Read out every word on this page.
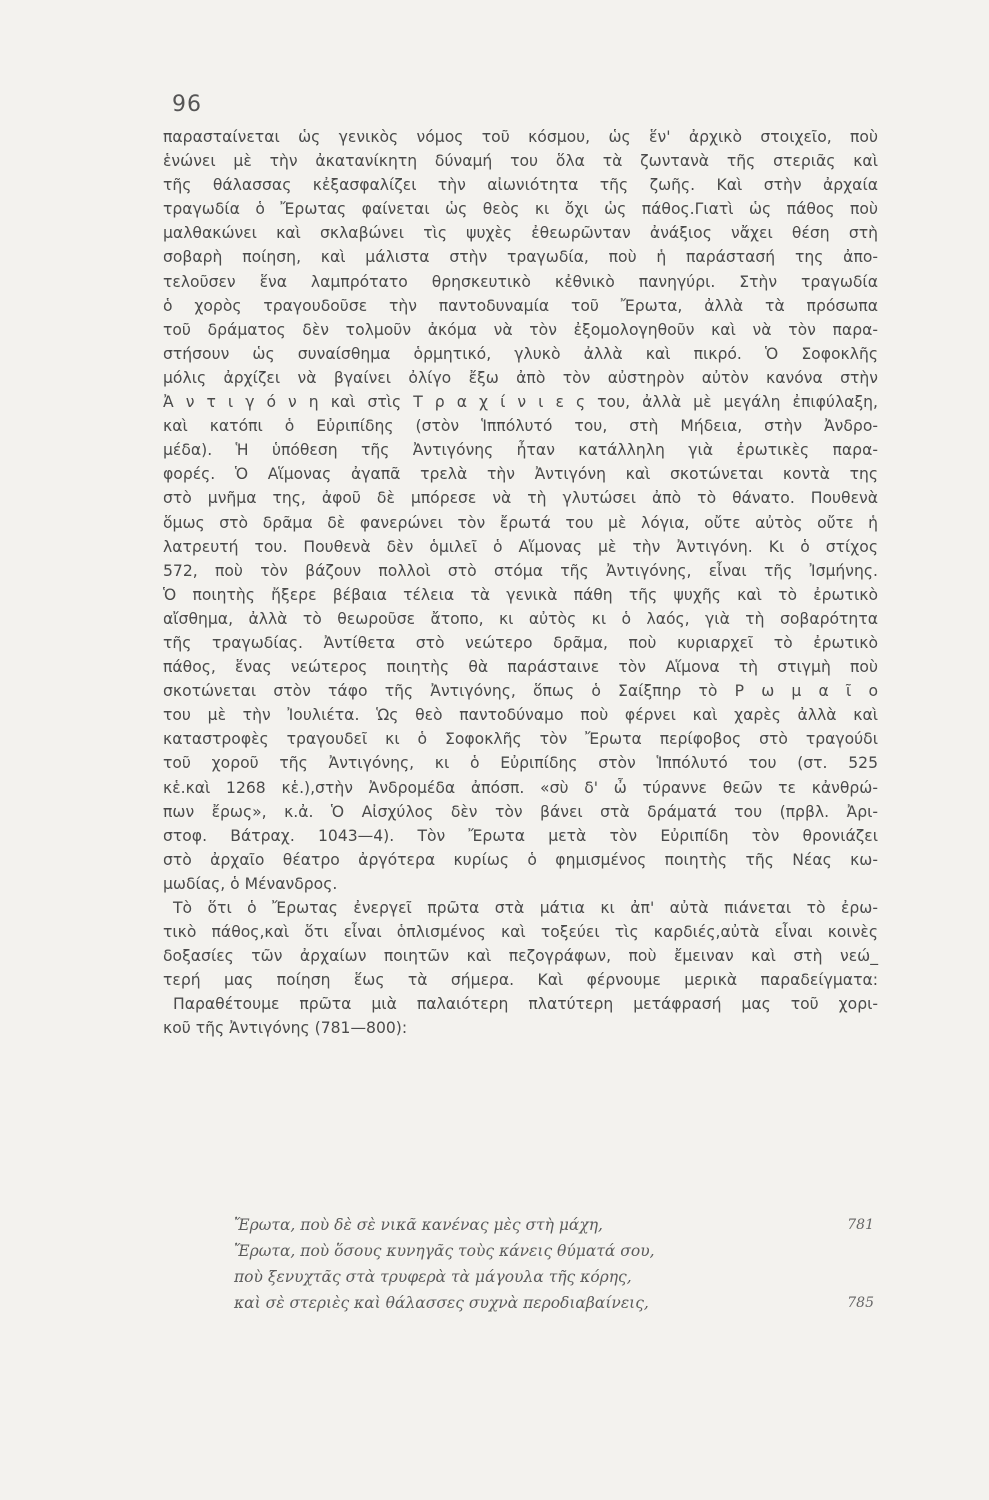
96
παρασταίνεται ὡς γενικὸς νόμος τοῦ κόσμου, ὡς ἕν' ἀρχικὸ στοιχεῖο, ποὺ
ἑνώνει μὲ τὴν ἀκατανίκητη δύναμή του ὅλα τὰ ζωντανὰ τῆς στεριᾶς καὶ
τῆς θάλασσας κἐξασφαλίζει τὴν αἰωνιότητα τῆς ζωῆς. Καὶ στὴν ἀρχαία
τραγωδία ὁ Ἔρωτας φαίνεται ὡς θεὸς κι ὄχι ὡς πάθος.Γιατὶ ὡς πάθος ποὺ
μαλθακώνει καὶ σκλαβώνει τὶς ψυχὲς ἐθεωρῶνταν ἀνάξιος νἄχει θέση στὴ
σοβαρὴ ποίηση, καὶ μάλιστα στὴν τραγωδία, ποὺ ἡ παράστασή της ἀπο-
τελοῦσεν ἕνα λαμπρότατο θρησκευτικὸ κἐθνικὸ πανηγύρι. Στὴν τραγωδία
ὁ χορὸς τραγουδοῦσε τὴν παντοδυναμία τοῦ Ἔρωτα, ἀλλὰ τὰ πρόσωπα
τοῦ δράματος δὲν τολμοῦν ἀκόμα νὰ τὸν ἐξομολογηθοῦν καὶ νὰ τὸν παρα-
στήσουν ὡς συναίσθημα ὁρμητικό, γλυκὸ ἀλλὰ καὶ πικρό. Ὁ Σοφοκλῆς
μόλις ἀρχίζει νὰ βγαίνει ὀλίγο ἔξω ἀπὸ τὸν αὐστηρὸν αὐτὸν κανόνα στὴν
Ἀ ν τ ι γ ό ν η καὶ στὶς Τ ρ α χ ί ν ι ε ς του, ἀλλὰ μὲ μεγάλη ἐπιφύλαξη,
καὶ κατόπι ὁ Εὐριπίδης (στὸν Ἱππόλυτό του, στὴ Μήδεια, στὴν Ἀνδρο-
μέδα). Ἡ ὑπόθεση τῆς Ἀντιγόνης ἦταν κατάλληλη γιὰ ἐρωτικὲς παρα-
φορές. Ὁ Αἵμονας ἀγαπᾶ τρελὰ τὴν Ἀντιγόνη καὶ σκοτώνεται κοντὰ της
στὸ μνῆμα της, ἀφοῦ δὲ μπόρεσε νὰ τὴ γλυτώσει ἀπὸ τὸ θάνατο. Πουθενὰ
ὅμως στὸ δρᾶμα δὲ φανερώνει τὸν ἔρωτά του μὲ λόγια, οὔτε αὐτὸς οὔτε ἡ
λατρευτή του. Πουθενὰ δὲν ὁμιλεῖ ὁ Αἵμονας μὲ τὴν Ἀντιγόνη. Κι ὁ στίχος
572, ποὺ τὸν βάζουν πολλοὶ στὸ στόμα τῆς Ἀντιγόνης, εἶναι τῆς Ἰσμήνης.
Ὁ ποιητὴς ἤξερε βέβαια τέλεια τὰ γενικὰ πάθη τῆς ψυχῆς καὶ τὸ ἐρωτικὸ
αἴσθημα, ἀλλὰ τὸ θεωροῦσε ἄτοπο, κι αὐτὸς κι ὁ λαός, γιὰ τὴ σοβαρότητα
τῆς τραγωδίας. Ἀντίθετα στὸ νεώτερο δρᾶμα, ποὺ κυριαρχεῖ τὸ ἐρωτικὸ
πάθος, ἕνας νεώτερος ποιητὴς θὰ παράσταινε τὸν Αἵμονα τὴ στιγμὴ ποὺ
σκοτώνεται στὸν τάφο τῆς Ἀντιγόνης, ὅπως ὁ Σαίξπηρ τὸ Ρ ω μ α ῖ ο
του μὲ τὴν Ἰουλιέτα. Ὡς θεὸ παντοδύναμο ποὺ φέρνει καὶ χαρὲς ἀλλὰ καὶ
καταστροφὲς τραγουδεῖ κι ὁ Σοφοκλῆς τὸν Ἔρωτα περίφοβος στὸ τραγούδι
τοῦ χοροῦ τῆς Ἀντιγόνης, κι ὁ Εὐριπίδης στὸν Ἱππόλυτό του (στ. 525
κἑ.καὶ 1268 κἑ.),στὴν Ἀνδρομέδα ἀπόσπ. «σὺ δ' ὦ τύραννε θεῶν τε κἀνθρώ-
πων ἔρως», κ.ἀ. Ὁ Αἰσχύλος δὲν τὸν βάνει στὰ δράματά του (πρβλ. Ἀρι-
στοφ. Βάτραχ. 1043—4). Τὸν Ἔρωτα μετὰ τὸν Εὐριπίδη τὸν θρονιάζει
στὸ ἀρχαῖο θέατρο ἀργότερα κυρίως ὁ φημισμένος ποιητὴς τῆς Νέας κω-
μωδίας, ὁ Μένανδρος.
Τὸ ὅτι ὁ Ἔρωτας ἐνεργεῖ πρῶτα στὰ μάτια κι ἀπ' αὐτὰ πιάνεται τὸ ἐρω-
τικὸ πάθος,καὶ ὅτι εἶναι ὁπλισμένος καὶ τοξεύει τὶς καρδιές,αὐτὰ εἶναι κοινὲς
δοξασίες τῶν ἀρχαίων ποιητῶν καὶ πεζογράφων, ποὺ ἔμειναν καὶ στὴ νεώ_
τερή μας ποίηση ἕως τὰ σήμερα. Καὶ φέρνουμε μερικὰ παραδείγματα:
Παραθέτουμε πρῶτα μιὰ παλαιότερη πλατύτερη μετάφρασή μας τοῦ χορι-
κοῦ τῆς Ἀντιγόνης (781—800):
Ἔρωτα, ποὺ δὲ σὲ νικᾶ κανένας μὲς στὴ μάχη,	781
Ἔρωτα, ποὺ ὅσους κυνηγᾶς τοὺς κάνεις θύματά σου,
ποὺ ξενυχτᾶς στὰ τρυφερὰ τὰ μάγουλα τῆς κόρης,
καὶ σὲ στεριὲς καὶ θάλασσες συχνὰ περοδιαβαίνεις,	785
